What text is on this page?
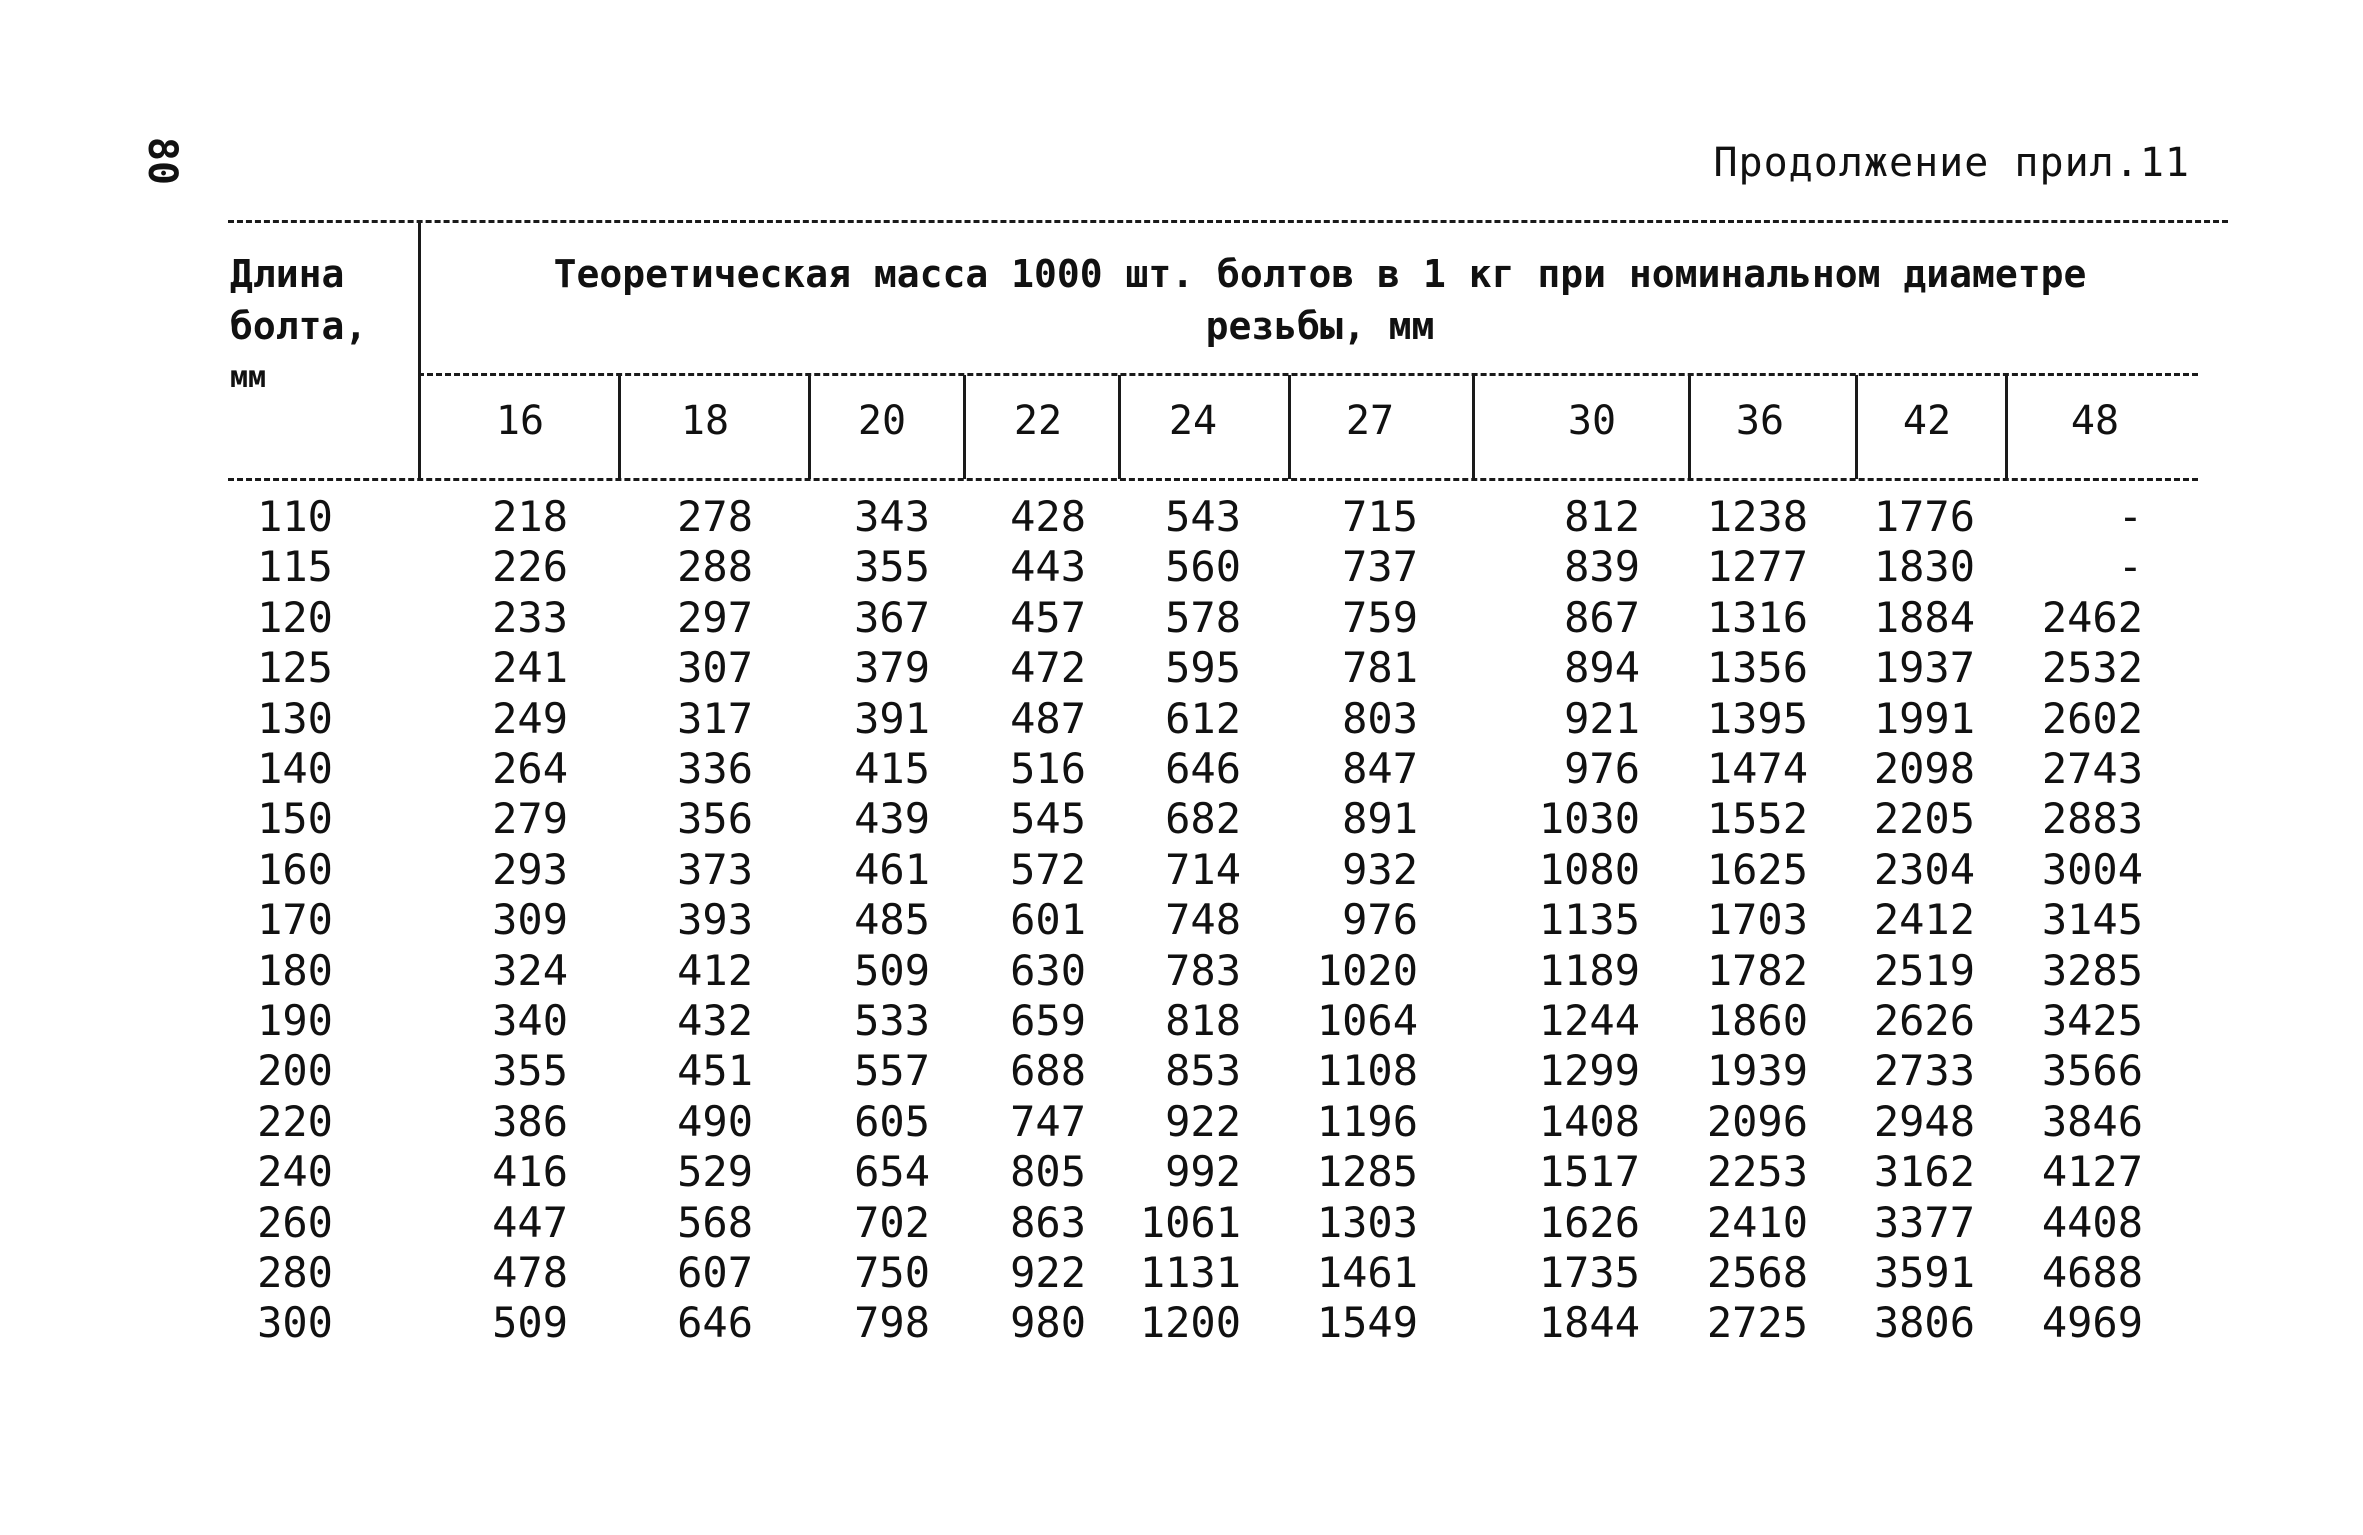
80	Продолжение прил.11
Длина
болта,
мм
Теоретическая масса 1000 шт. болтов в 1 кг при номинальном диаметре
резьбы, мм
16	18	20	22	24	27	30	36	42	48
110	218	278	343	428	543	715	812	1238	1776	-
115	226	288	355	443	560	737	839	1277	1830	-
120	233	297	367	457	578	759	867	1316	1884	2462
125	241	307	379	472	595	781	894	1356	1937	2532
130	249	317	391	487	612	803	921	1395	1991	2602
140	264	336	415	516	646	847	976	1474	2098	2743
150	279	356	439	545	682	891	1030	1552	2205	2883
160	293	373	461	572	714	932	1080	1625	2304	3004
170	309	393	485	601	748	976	1135	1703	2412	3145
180	324	412	509	630	783	1020	1189	1782	2519	3285
190	340	432	533	659	818	1064	1244	1860	2626	3425
200	355	451	557	688	853	1108	1299	1939	2733	3566
220	386	490	605	747	922	1196	1408	2096	2948	3846
240	416	529	654	805	992	1285	1517	2253	3162	4127
260	447	568	702	863	1061	1303	1626	2410	3377	4408
280	478	607	750	922	1131	1461	1735	2568	3591	4688
300	509	646	798	980	1200	1549	1844	2725	3806	4969
